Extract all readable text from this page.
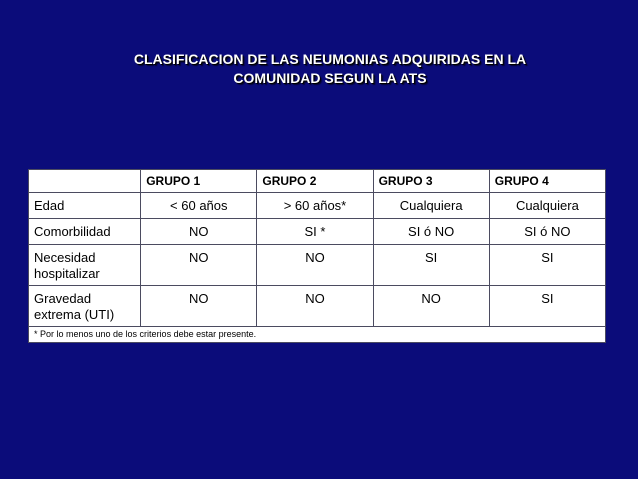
CLASIFICACION DE LAS NEUMONIAS ADQUIRIDAS EN LA
COMUNIDAD SEGUN LA ATS
	GRUPO 1	GRUPO 2	GRUPO 3	GRUPO 4
Edad	< 60 años	> 60 años*	Cualquiera	Cualquiera
Comorbilidad	NO	SI *	SI ó NO	SI ó NO
Necesidad hospitalizar	NO	NO	SI	SI
Gravedad extrema (UTI)	NO	NO	NO	SI
* Por lo menos uno de los criterios debe estar presente.				
